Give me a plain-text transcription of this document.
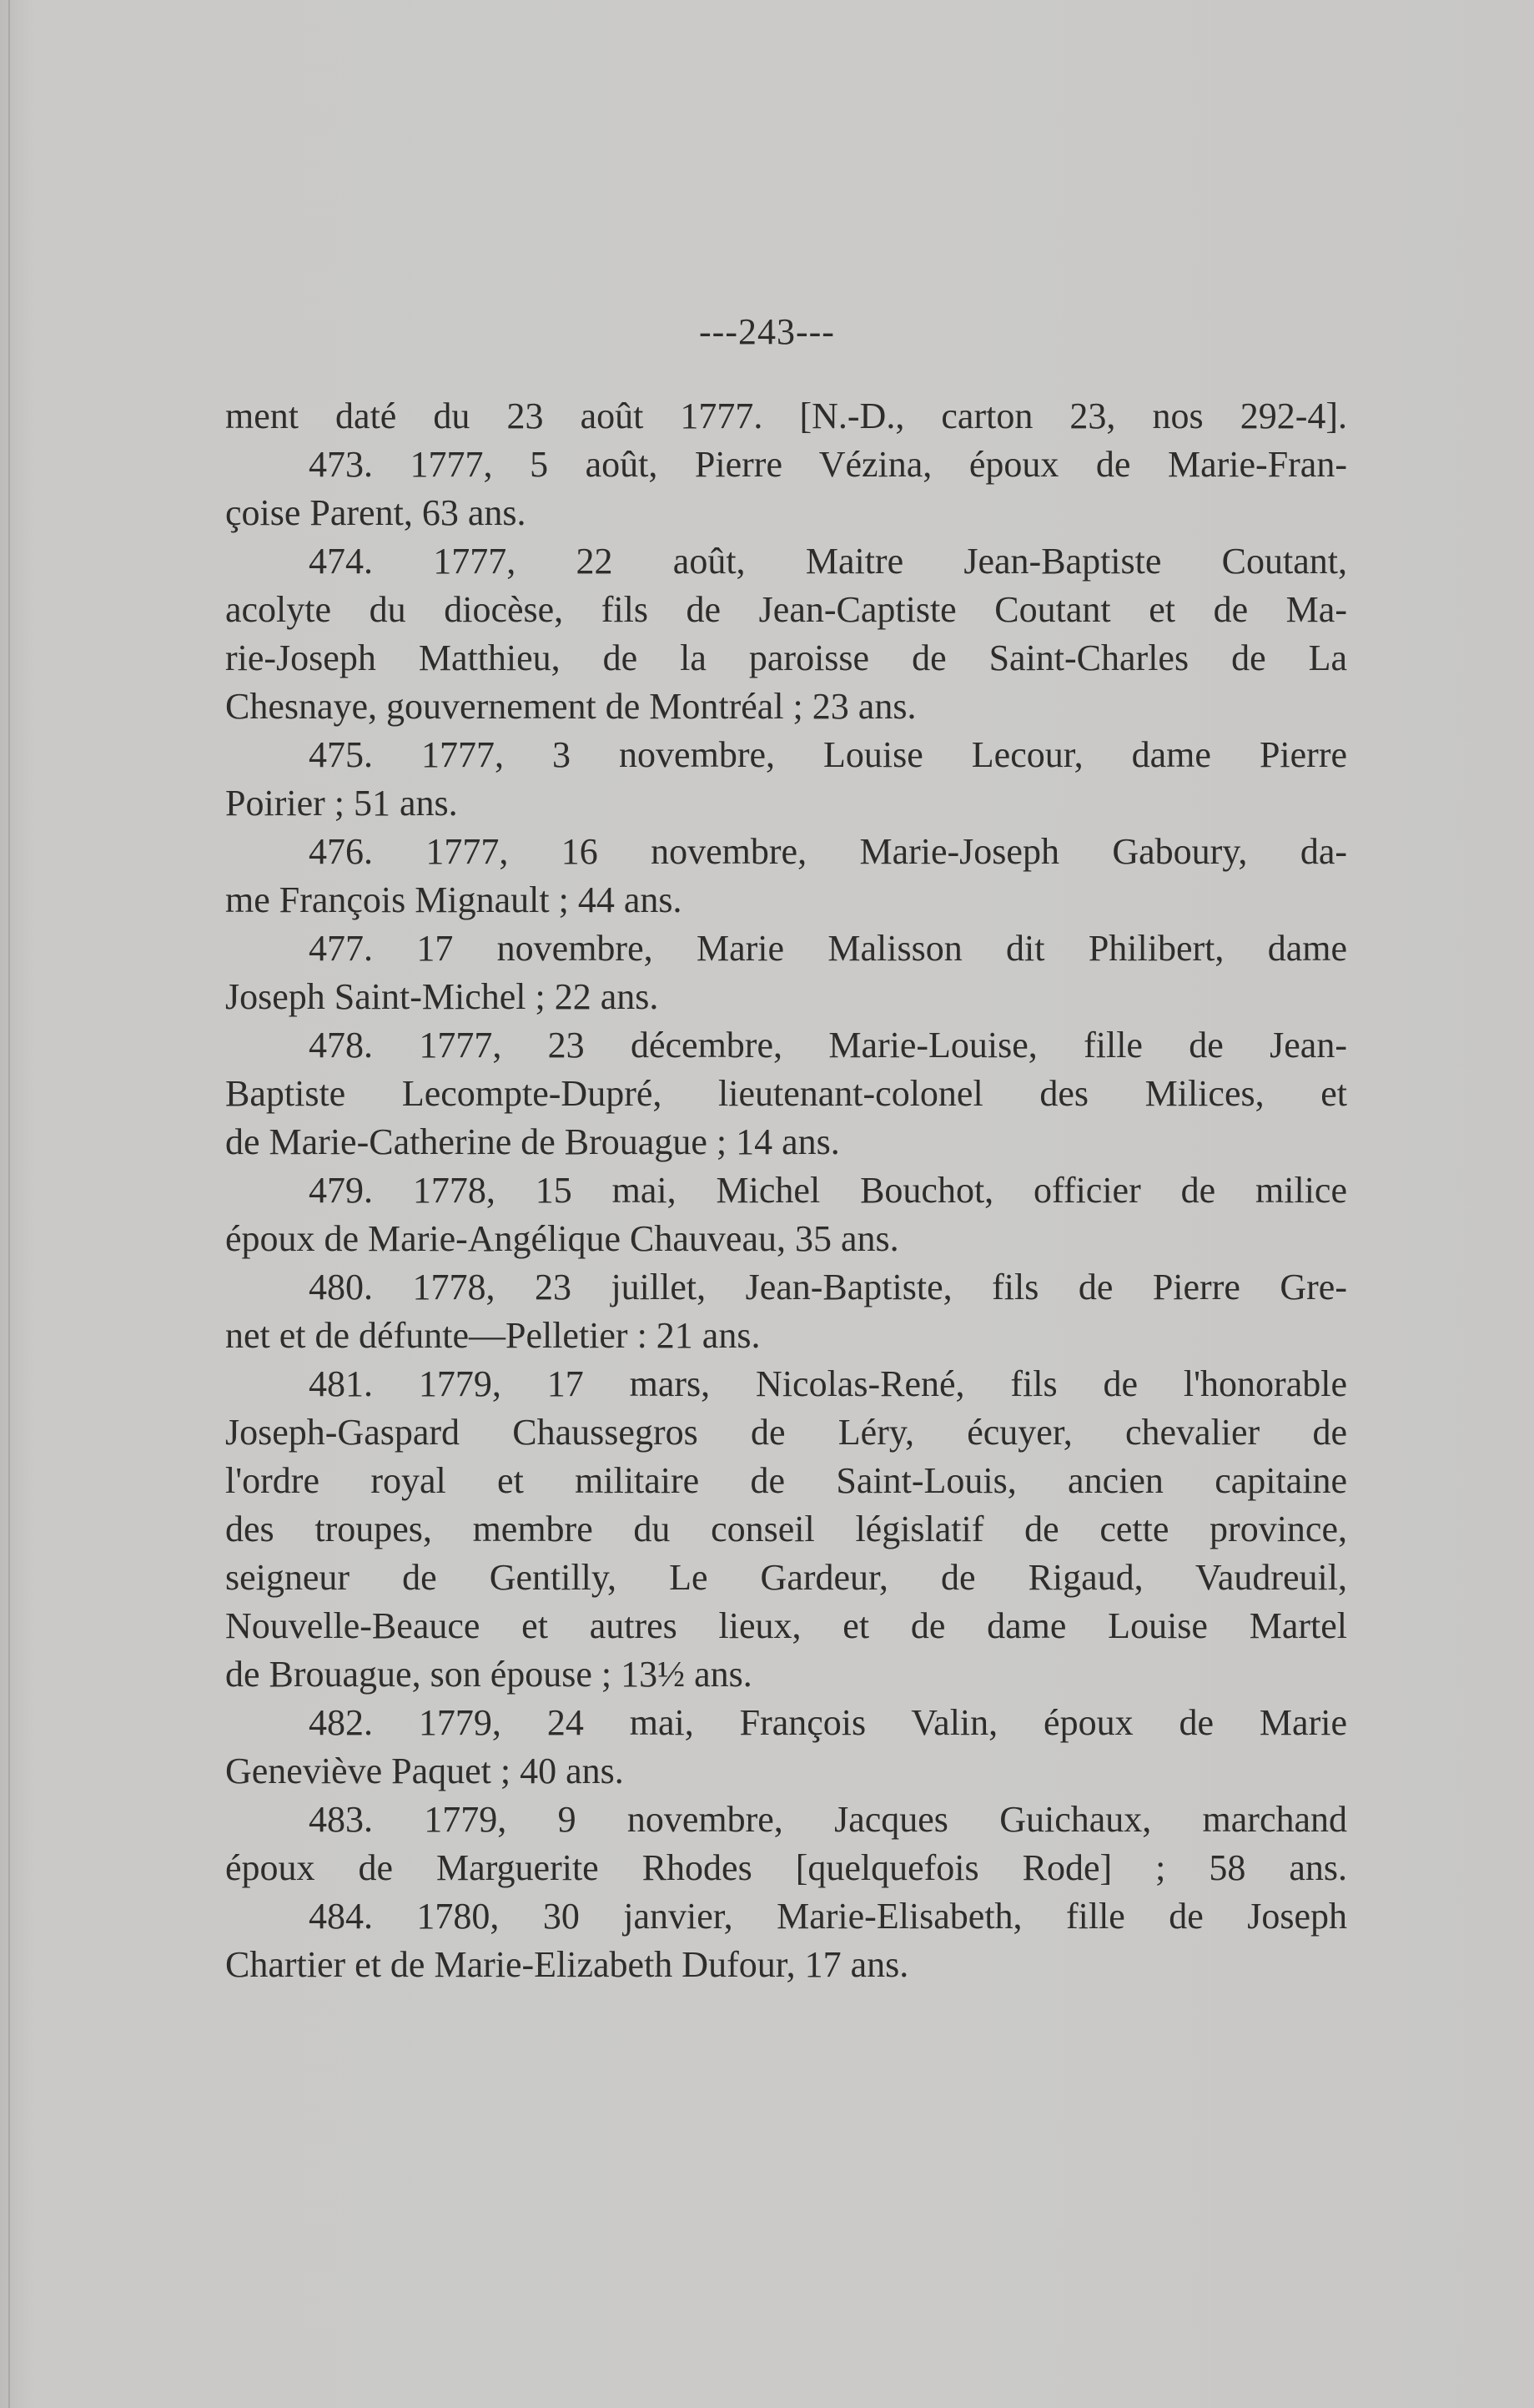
---243---
ment daté du 23 août 1777. [N.-D., carton 23, nos 292-4].
473. 1777, 5 août, Pierre Vézina, époux de Marie-Fran-
çoise Parent, 63 ans.
474. 1777, 22 août, Maitre Jean-Baptiste Coutant,
acolyte du diocèse, fils de Jean-Captiste Coutant et de Ma-
rie-Joseph Matthieu, de la paroisse de Saint-Charles de La
Chesnaye, gouvernement de Montréal ; 23 ans.
475. 1777, 3 novembre, Louise Lecour, dame Pierre
Poirier ; 51 ans.
476. 1777, 16 novembre, Marie-Joseph Gaboury, da-
me François Mignault ; 44 ans.
477. 17 novembre, Marie Malisson dit Philibert, dame
Joseph Saint-Michel ; 22 ans.
478. 1777, 23 décembre, Marie-Louise, fille de Jean-
Baptiste Lecompte-Dupré, lieutenant-colonel des Milices, et
de Marie-Catherine de Brouague ; 14 ans.
479. 1778, 15 mai, Michel Bouchot, officier de milice
époux de Marie-Angélique Chauveau, 35 ans.
480. 1778, 23 juillet, Jean-Baptiste, fils de Pierre Gre-
net et de défunte—Pelletier : 21 ans.
481. 1779, 17 mars, Nicolas-René, fils de l'honorable
Joseph-Gaspard Chaussegros de Léry, écuyer, chevalier de
l'ordre royal et militaire de Saint-Louis, ancien capitaine
des troupes, membre du conseil législatif de cette province,
seigneur de Gentilly, Le Gardeur, de Rigaud, Vaudreuil,
Nouvelle-Beauce et autres lieux, et de dame Louise Martel
de Brouague, son épouse ; 13½ ans.
482. 1779, 24 mai, François Valin, époux de Marie
Geneviève Paquet ; 40 ans.
483. 1779, 9 novembre, Jacques Guichaux, marchand
époux de Marguerite Rhodes [quelquefois Rode] ; 58 ans.
484. 1780, 30 janvier, Marie-Elisabeth, fille de Joseph
Chartier et de Marie-Elizabeth Dufour, 17 ans.
